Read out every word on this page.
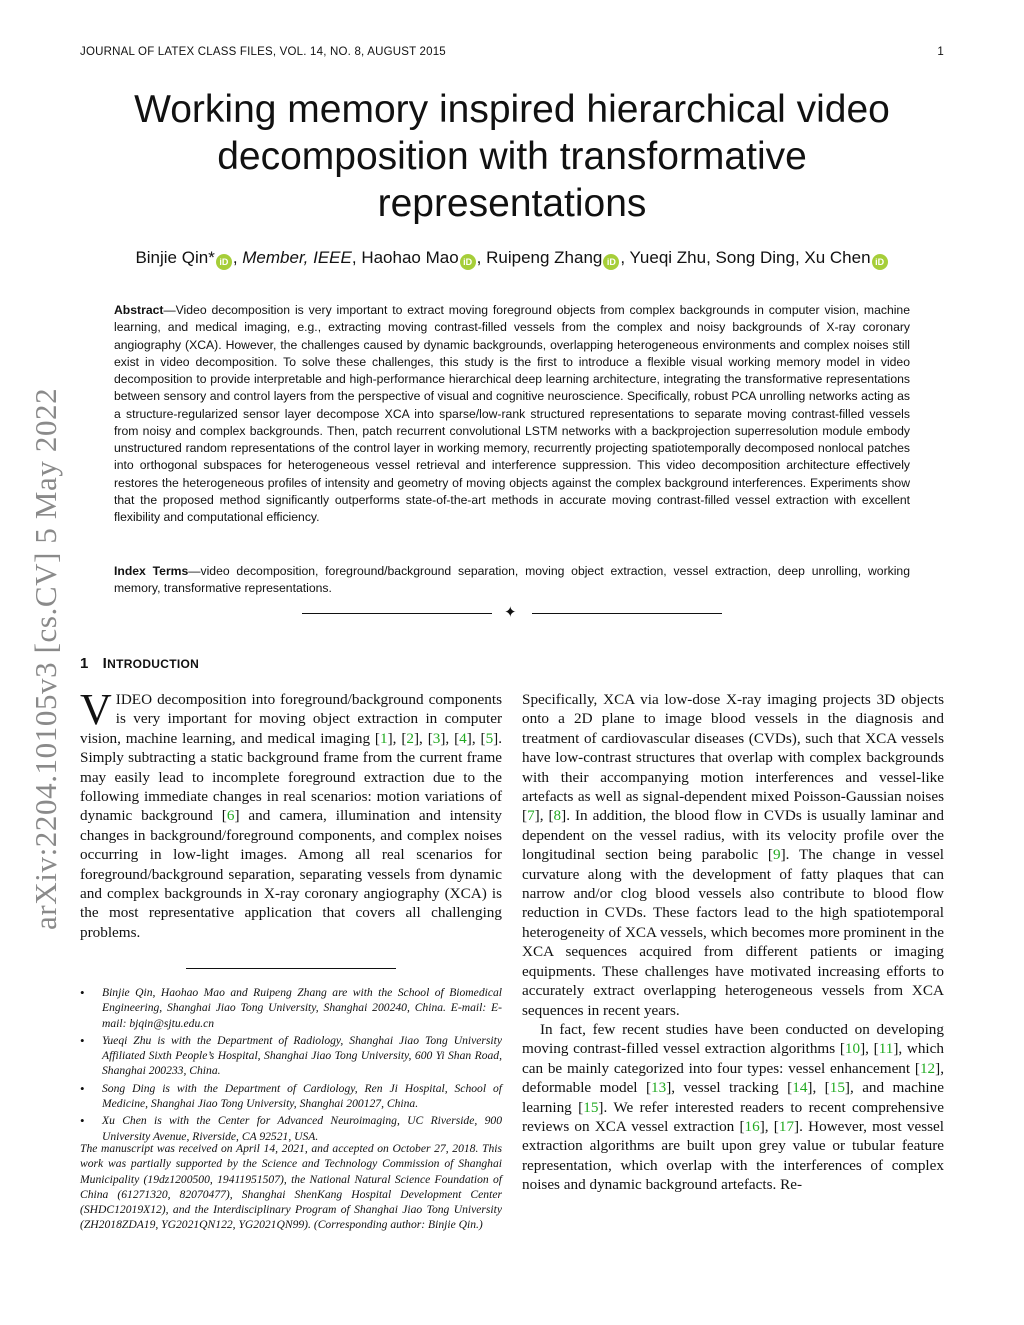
JOURNAL OF LATEX CLASS FILES, VOL. 14, NO. 8, AUGUST 2015	1
arXiv:2204.10105v3 [cs.CV] 5 May 2022
Working memory inspired hierarchical video decomposition with transformative representations
Binjie Qin* iD , Member, IEEE, Haohao Mao iD , Ruipeng Zhang iD , Yueqi Zhu, Song Ding, Xu Chen iD
Abstract—Video decomposition is very important to extract moving foreground objects from complex backgrounds in computer vision, machine learning, and medical imaging, e.g., extracting moving contrast-filled vessels from the complex and noisy backgrounds of X-ray coronary angiography (XCA). However, the challenges caused by dynamic backgrounds, overlapping heterogeneous environments and complex noises still exist in video decomposition. To solve these challenges, this study is the first to introduce a flexible visual working memory model in video decomposition to provide interpretable and high-performance hierarchical deep learning architecture, integrating the transformative representations between sensory and control layers from the perspective of visual and cognitive neuroscience. Specifically, robust PCA unrolling networks acting as a structure-regularized sensor layer decompose XCA into sparse/low-rank structured representations to separate moving contrast-filled vessels from noisy and complex backgrounds. Then, patch recurrent convolutional LSTM networks with a backprojection superresolution module embody unstructured random representations of the control layer in working memory, recurrently projecting spatiotemporally decomposed nonlocal patches into orthogonal subspaces for heterogeneous vessel retrieval and interference suppression. This video decomposition architecture effectively restores the heterogeneous profiles of intensity and geometry of moving objects against the complex background interferences. Experiments show that the proposed method significantly outperforms state-of-the-art methods in accurate moving contrast-filled vessel extraction with excellent flexibility and computational efficiency.
Index Terms—video decomposition, foreground/background separation, moving object extraction, vessel extraction, deep unrolling, working memory, transformative representations.
✦
1 INTRODUCTION

VIDEO decomposition into foreground/background components is very important for moving object extraction in computer vision, machine learning, and medical imaging [1], [2], [3], [4], [5]. Simply subtracting a static background frame from the current frame may easily lead to incomplete foreground extraction due to the following immediate changes in real scenarios: motion variations of dynamic background [6] and camera, illumination and intensity changes in background/foreground components, and complex noises occurring in low-light images. Among all real scenarios for foreground/background separation, separating vessels from dynamic and complex backgrounds in X-ray coronary angiography (XCA) is the most representative application that covers all challenging problems.

• Binjie Qin, Haohao Mao and Ruipeng Zhang are with the School of Biomedical Engineering, Shanghai Jiao Tong University, Shanghai 200240, China. E-mail: E-mail: bjqin@sjtu.edu.cn
• Yueqi Zhu is with the Department of Radiology, Shanghai Jiao Tong University Affiliated Sixth People’s Hospital, Shanghai Jiao Tong University, 600 Yi Shan Road, Shanghai 200233, China.
• Song Ding is with the Department of Cardiology, Ren Ji Hospital, School of Medicine, Shanghai Jiao Tong University, Shanghai 200127, China.
• Xu Chen is with the Center for Advanced Neuroimaging, UC Riverside, 900 University Avenue, Riverside, CA 92521, USA.
The manuscript was received on April 14, 2021, and accepted on October 27, 2018. This work was partially supported by the Science and Technology Commission of Shanghai Municipality (19dz1200500, 19411951507), the National Natural Science Foundation of China (61271320, 82070477), Shanghai ShenKang Hospital Development Center (SHDC12019X12), and the Interdisciplinary Program of Shanghai Jiao Tong University (ZH2018ZDA19, YG2021QN122, YG2021QN99). (Corresponding author: Binjie Qin.)

Specifically, XCA via low-dose X-ray imaging projects 3D objects onto a 2D plane to image blood vessels in the diagnosis and treatment of cardiovascular diseases (CVDs), such that XCA vessels have low-contrast structures that overlap with complex backgrounds with their accompanying motion interferences and vessel-like artefacts as well as signal-dependent mixed Poisson-Gaussian noises [7], [8]. In addition, the blood flow in CVDs is usually laminar and dependent on the vessel radius, with its velocity profile over the longitudinal section being parabolic [9]. The change in vessel curvature along with the development of fatty plaques that can narrow and/or clog blood vessels also contribute to blood flow reduction in CVDs. These factors lead to the high spatiotemporal heterogeneity of XCA vessels, which becomes more prominent in the XCA sequences acquired from different patients or imaging equipments. These challenges have motivated increasing efforts to accurately extract overlapping heterogeneous vessels from XCA sequences in recent years.

In fact, few recent studies have been conducted on developing moving contrast-filled vessel extraction algorithms [10], [11], which can be mainly categorized into four types: vessel enhancement [12], deformable model [13], vessel tracking [14], [15], and machine learning [15]. We refer interested readers to recent comprehensive reviews on XCA vessel extraction [16], [17]. However, most vessel extraction algorithms are built upon grey value or tubular feature representation, which overlap with the interferences of complex noises and dynamic background artefacts. Re-
